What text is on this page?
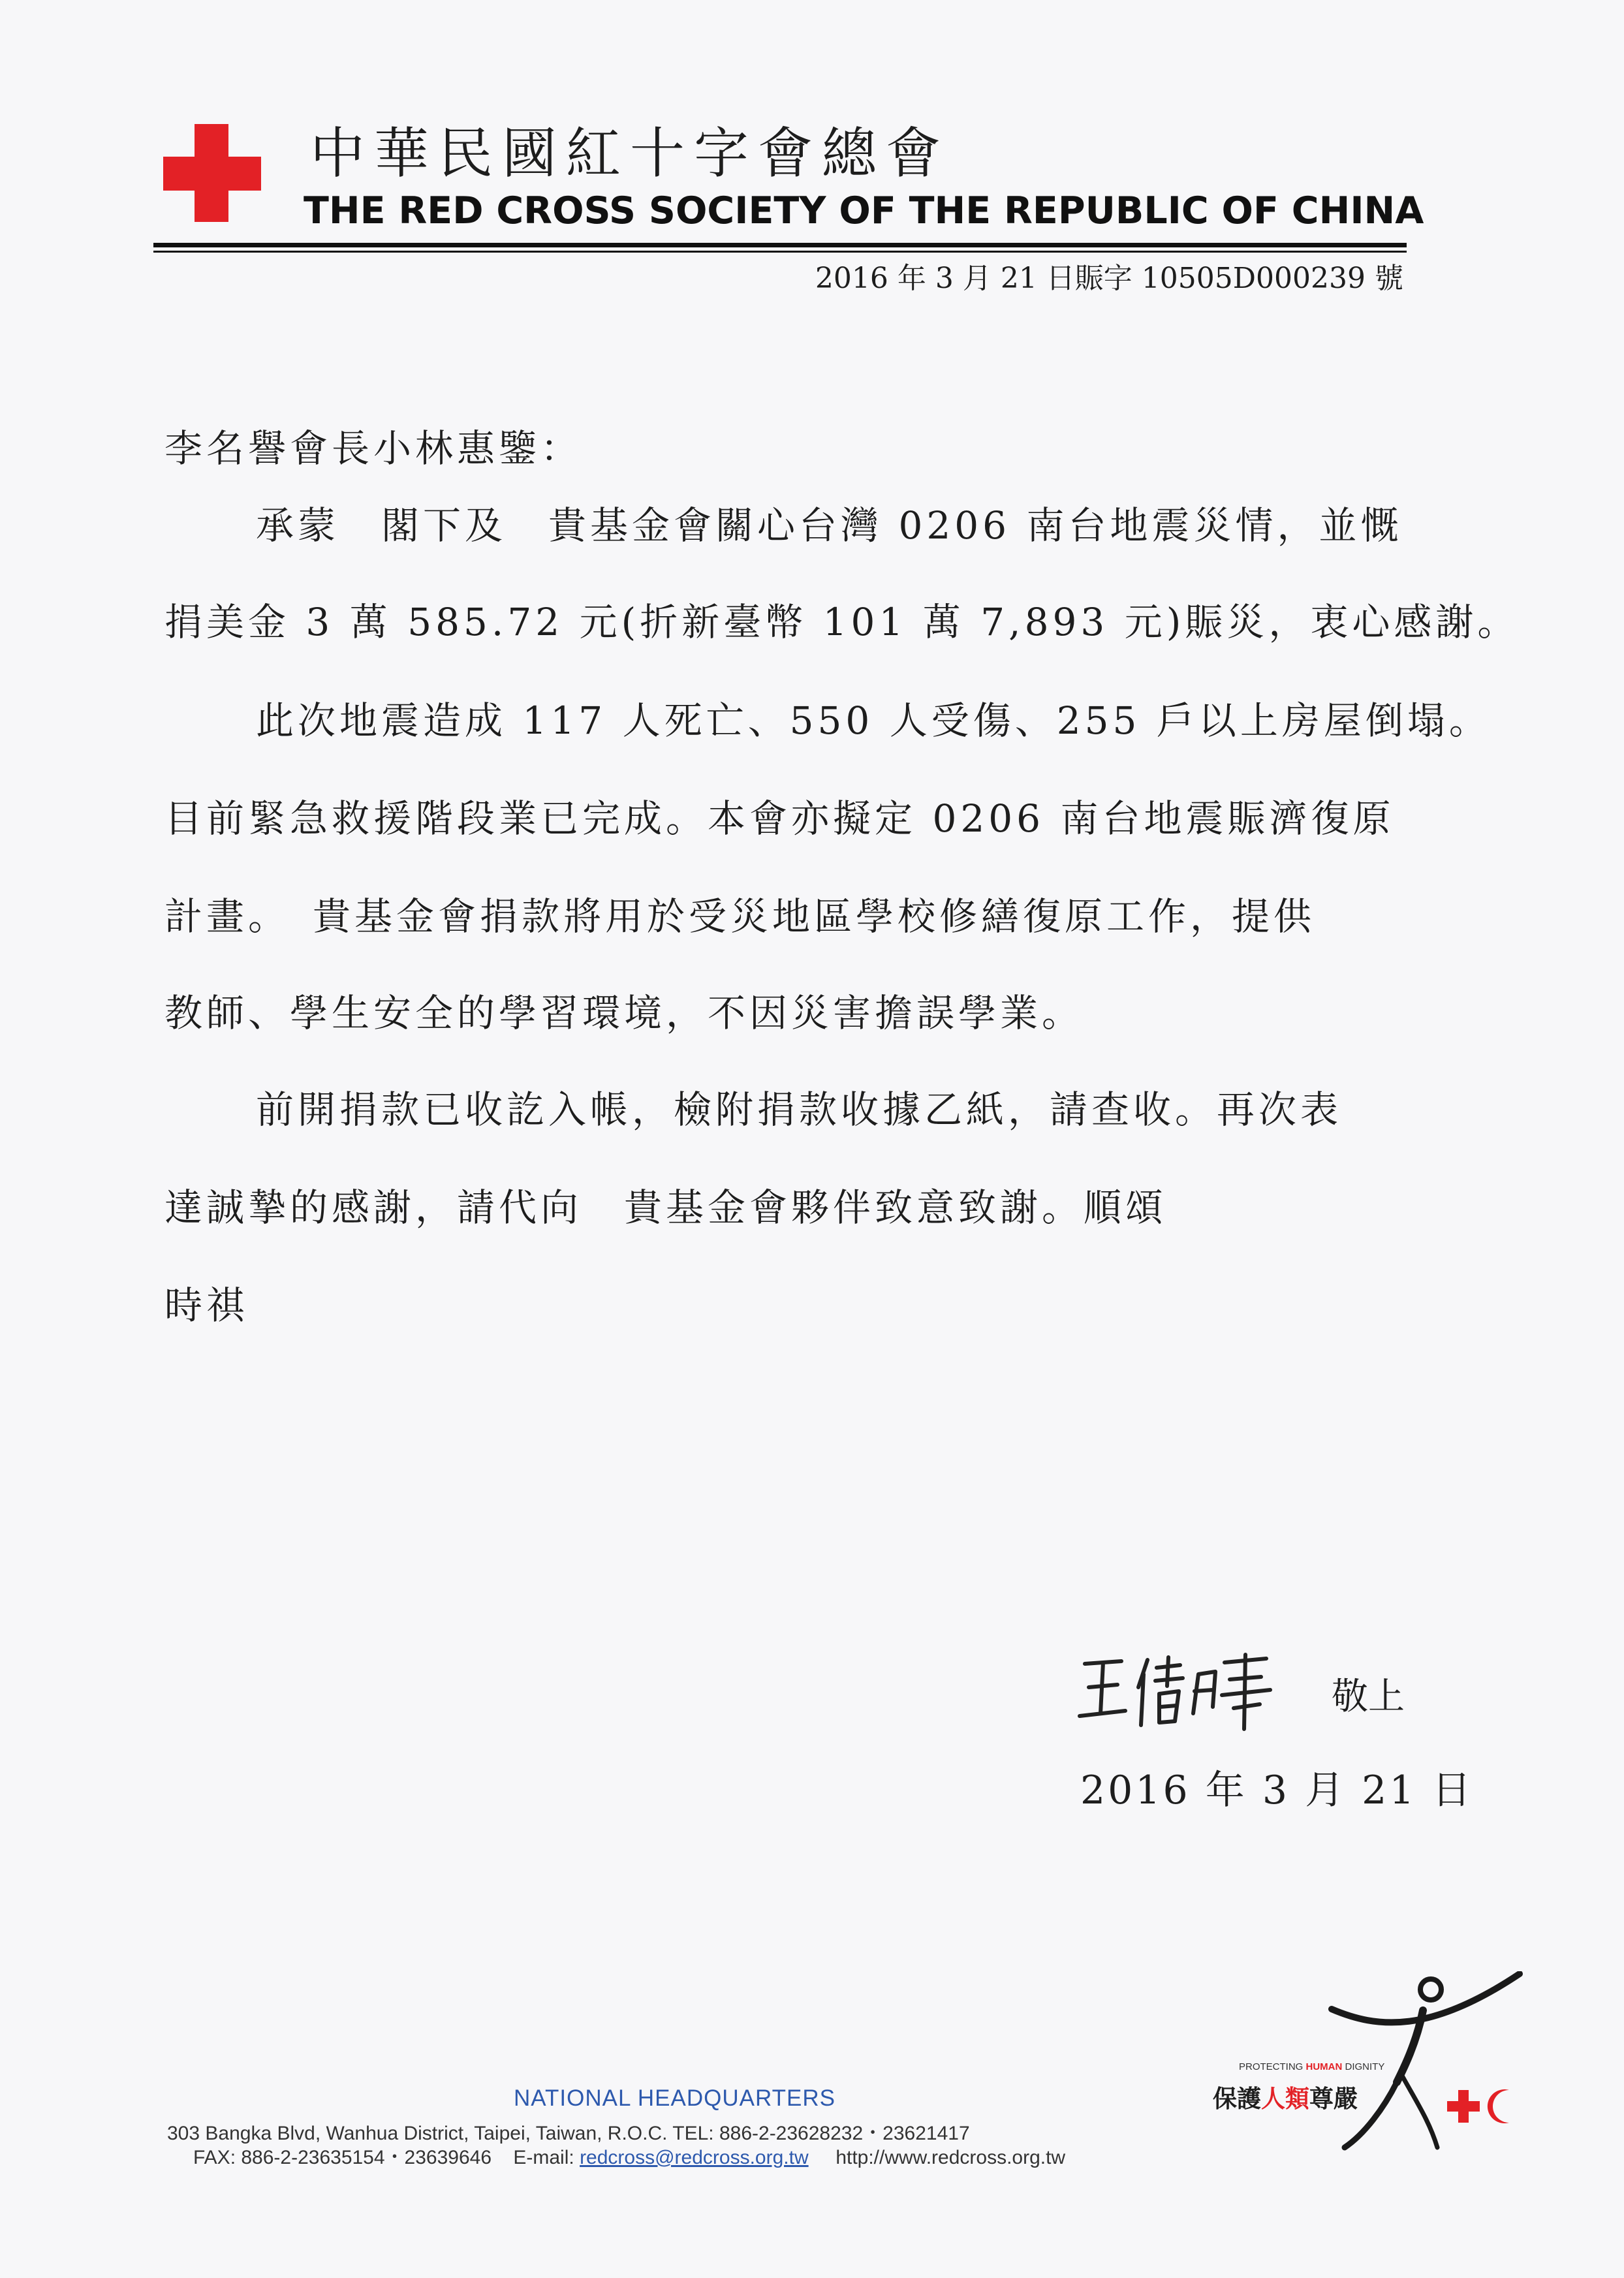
中華民國紅十字會總會
THE RED CROSS SOCIETY OF THE REPUBLIC OF CHINA
2016 年 3 月 21 日賑字 10505D000239 號
李名譽會長小林惠鑒：
承蒙　閣下及　貴基金會關心台灣 0206 南台地震災情，並慨
捐美金 3 萬 585.72 元(折新臺幣 101 萬 7,893 元)賑災，衷心感謝。
此次地震造成 117 人死亡、550 人受傷、255 戶以上房屋倒塌。
目前緊急救援階段業已完成。本會亦擬定 0206 南台地震賑濟復原
計畫。　貴基金會捐款將用於受災地區學校修繕復原工作，提供
教師、學生安全的學習環境，不因災害擔誤學業。
前開捐款已收訖入帳，檢附捐款收據乙紙，請查收。再次表
達誠摯的感謝，請代向　貴基金會夥伴致意致謝。順頌
時祺
敬上
2016 年 3 月 21 日
NATIONAL HEADQUARTERS
303 Bangka Blvd, Wanhua District, Taipei, Taiwan, R.O.C. TEL: 886-2-23628232・23621417
FAX: 886-2-23635154・23639646 E-mail: redcross@redcross.org.tw http://www.redcross.org.tw
PROTECTING HUMAN DIGNITY
保護人類尊嚴
